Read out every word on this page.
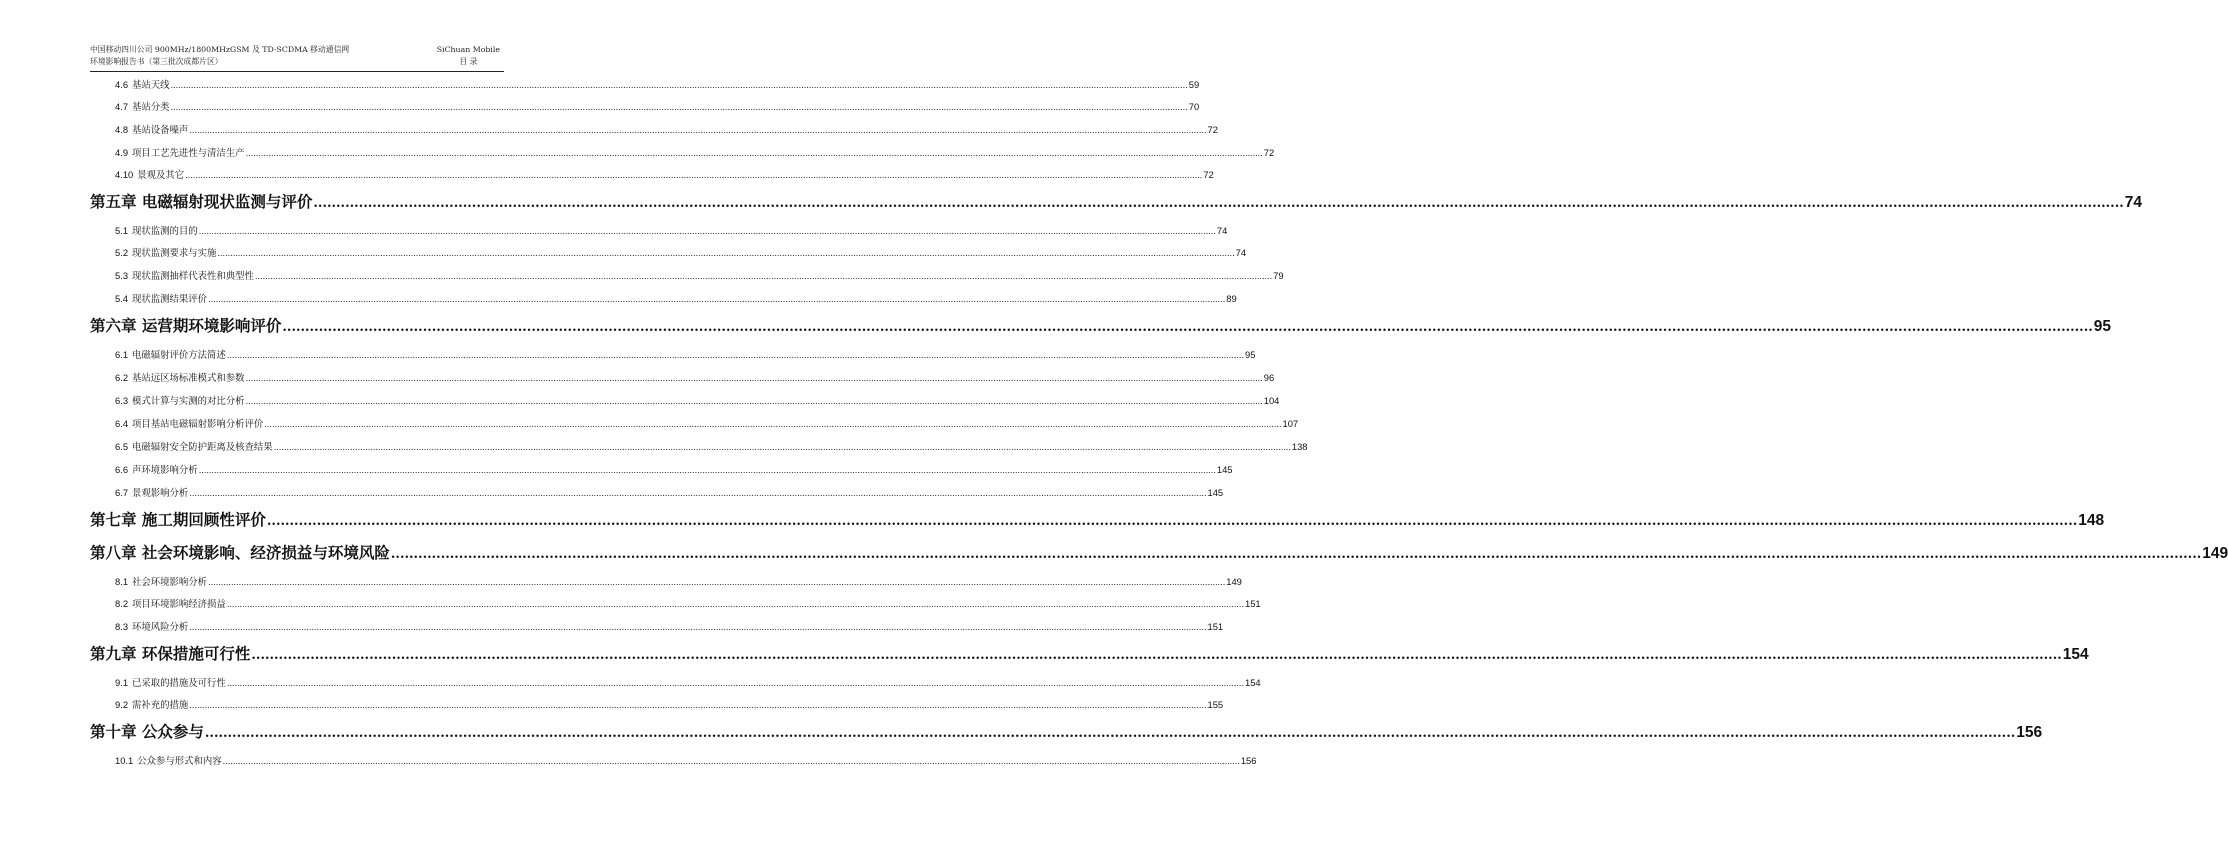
中国移动四川公司 900MHz/1800MHzGSM 及 TD-SCDMA 移动通信网
环境影响报告书（第三批次成都片区）
SiChuan Mobile
目 录
4.6 基站天线 ................................................................................................................................................................................................................................................................................................................................................................................................................ 59
4.7 基站分类 ................................................................................................................................................................................................................................................................................................................................................................................................................ 70
4.8 基站设备噪声 ................................................................................................................................................................................................................................................................................................................................................................................................................ 72
4.9 项目工艺先进性与清洁生产 ................................................................................................................................................................................................................................................................................................................................................................................................................ 72
4.10 景观及其它 ................................................................................................................................................................................................................................................................................................................................................................................................................ 72
第五章 电磁辐射现状监测与评价 ................................................................................................................................................................................................................................................................................................................................................................................................................ 74
5.1 现状监测的目的 ................................................................................................................................................................................................................................................................................................................................................................................................................ 74
5.2 现状监测要求与实施 ................................................................................................................................................................................................................................................................................................................................................................................................................ 74
5.3 现状监测抽样代表性和典型性 ................................................................................................................................................................................................................................................................................................................................................................................................................ 79
5.4 现状监测结果评价 ................................................................................................................................................................................................................................................................................................................................................................................................................ 89
第六章 运营期环境影响评价 ................................................................................................................................................................................................................................................................................................................................................................................................................ 95
6.1 电磁辐射评价方法简述 ................................................................................................................................................................................................................................................................................................................................................................................................................ 95
6.2 基站远区场标准模式和参数 ................................................................................................................................................................................................................................................................................................................................................................................................................ 96
6.3 模式计算与实测的对比分析 ................................................................................................................................................................................................................................................................................................................................................................................................................ 104
6.4 项目基站电磁辐射影响分析评价 ................................................................................................................................................................................................................................................................................................................................................................................................................ 107
6.5 电磁辐射安全防护距离及核查结果 ................................................................................................................................................................................................................................................................................................................................................................................................................ 138
6.6 声环境影响分析 ................................................................................................................................................................................................................................................................................................................................................................................................................ 145
6.7 景观影响分析 ................................................................................................................................................................................................................................................................................................................................................................................................................ 145
第七章 施工期回顾性评价 ................................................................................................................................................................................................................................................................................................................................................................................................................ 148
第八章 社会环境影响、经济损益与环境风险 ................................................................................................................................................................................................................................................................................................................................................................................................................ 149
8.1 社会环境影响分析 ................................................................................................................................................................................................................................................................................................................................................................................................................ 149
8.2 项目环境影响经济损益 ................................................................................................................................................................................................................................................................................................................................................................................................................ 151
8.3 环境风险分析 ................................................................................................................................................................................................................................................................................................................................................................................................................ 151
第九章 环保措施可行性 ................................................................................................................................................................................................................................................................................................................................................................................................................ 154
9.1 已采取的措施及可行性 ................................................................................................................................................................................................................................................................................................................................................................................................................ 154
9.2 需补充的措施 ................................................................................................................................................................................................................................................................................................................................................................................................................ 155
第十章 公众参与 ................................................................................................................................................................................................................................................................................................................................................................................................................ 156
10.1 公众参与形式和内容 ................................................................................................................................................................................................................................................................................................................................................................................................................ 156
